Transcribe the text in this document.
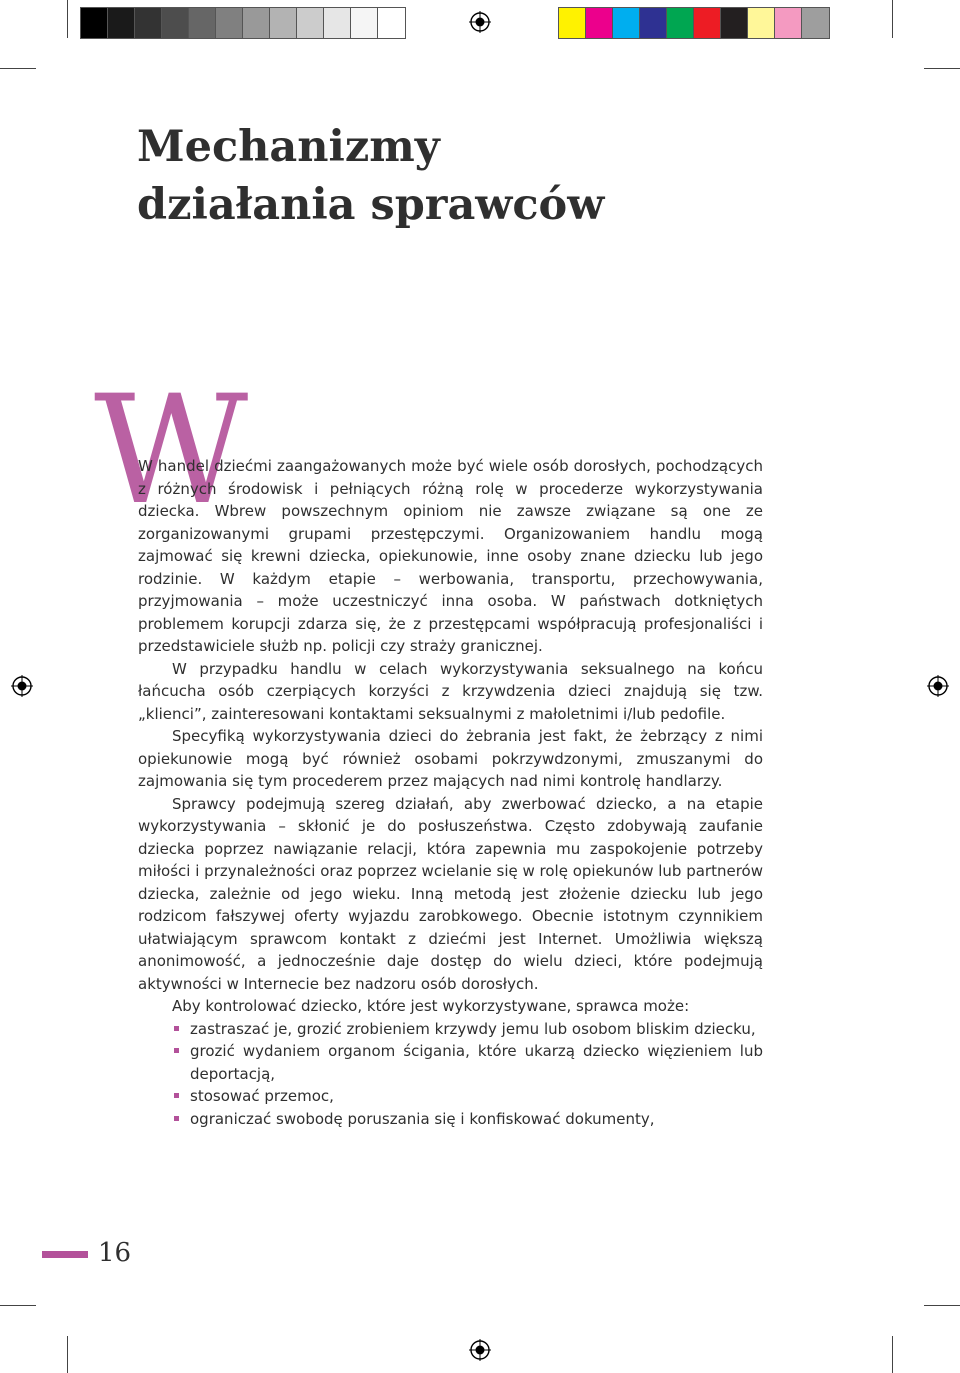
Mechanizmy
działania sprawców
W

W handel dziećmi zaangażowanych może być wiele osób dorosłych, pochodzących z różnych środowisk i pełniących różną rolę w procederze wykorzystywania dziecka. Wbrew powszechnym opiniom nie zawsze związane są one ze zorganizowanymi grupami przestępczymi. Organizowaniem handlu mogą zajmować się krewni dziecka, opiekunowie, inne osoby znane dziecku lub jego rodzinie. W każdym etapie – werbowania, transportu, przechowywania, przyjmowania – może uczestniczyć inna osoba. W państwach dotkniętych problemem korupcji zdarza się, że z przestępcami współpracują profesjonaliści i przedstawiciele służb np. policji czy straży granicznej.

W przypadku handlu w celach wykorzystywania seksualnego na końcu łańcucha osób czerpiących korzyści z krzywdzenia dzieci znajdują się tzw. „klienci”, zainteresowani kontaktami seksualnymi z małoletnimi i/lub pedofile.

Specyfiką wykorzystywania dzieci do żebrania jest fakt, że żebrzący z nimi opiekunowie mogą być również osobami pokrzywdzonymi, zmuszanymi do zajmowania się tym procederem przez mających nad nimi kontrolę handlarzy.

Sprawcy podejmują szereg działań, aby zwerbować dziecko, a na etapie wykorzystywania – skłonić je do posłuszeństwa. Często zdobywają zaufanie dziecka poprzez nawiązanie relacji, która zapewnia mu zaspokojenie potrzeby miłości i przynależności oraz poprzez wcielanie się w rolę opiekunów lub partnerów dziecka, zależnie od jego wieku. Inną metodą jest złożenie dziecku lub jego rodzicom fałszywej oferty wyjazdu zarobkowego. Obecnie istotnym czynnikiem ułatwiającym sprawcom kontakt z dziećmi jest Internet. Umożliwia większą anonimowość, a jednocześnie daje dostęp do wielu dzieci, które podejmują aktywności w Internecie bez nadzoru osób dorosłych.

Aby kontrolować dziecko, które jest wykorzystywane, sprawca może:

zastraszać je, grozić zrobieniem krzywdy jemu lub osobom bliskim dziecku,
grozić wydaniem organom ścigania, które ukarzą dziecko więzieniem lub deportacją,
stosować przemoc,
ograniczać swobodę poruszania się i konfiskować dokumenty,
16
